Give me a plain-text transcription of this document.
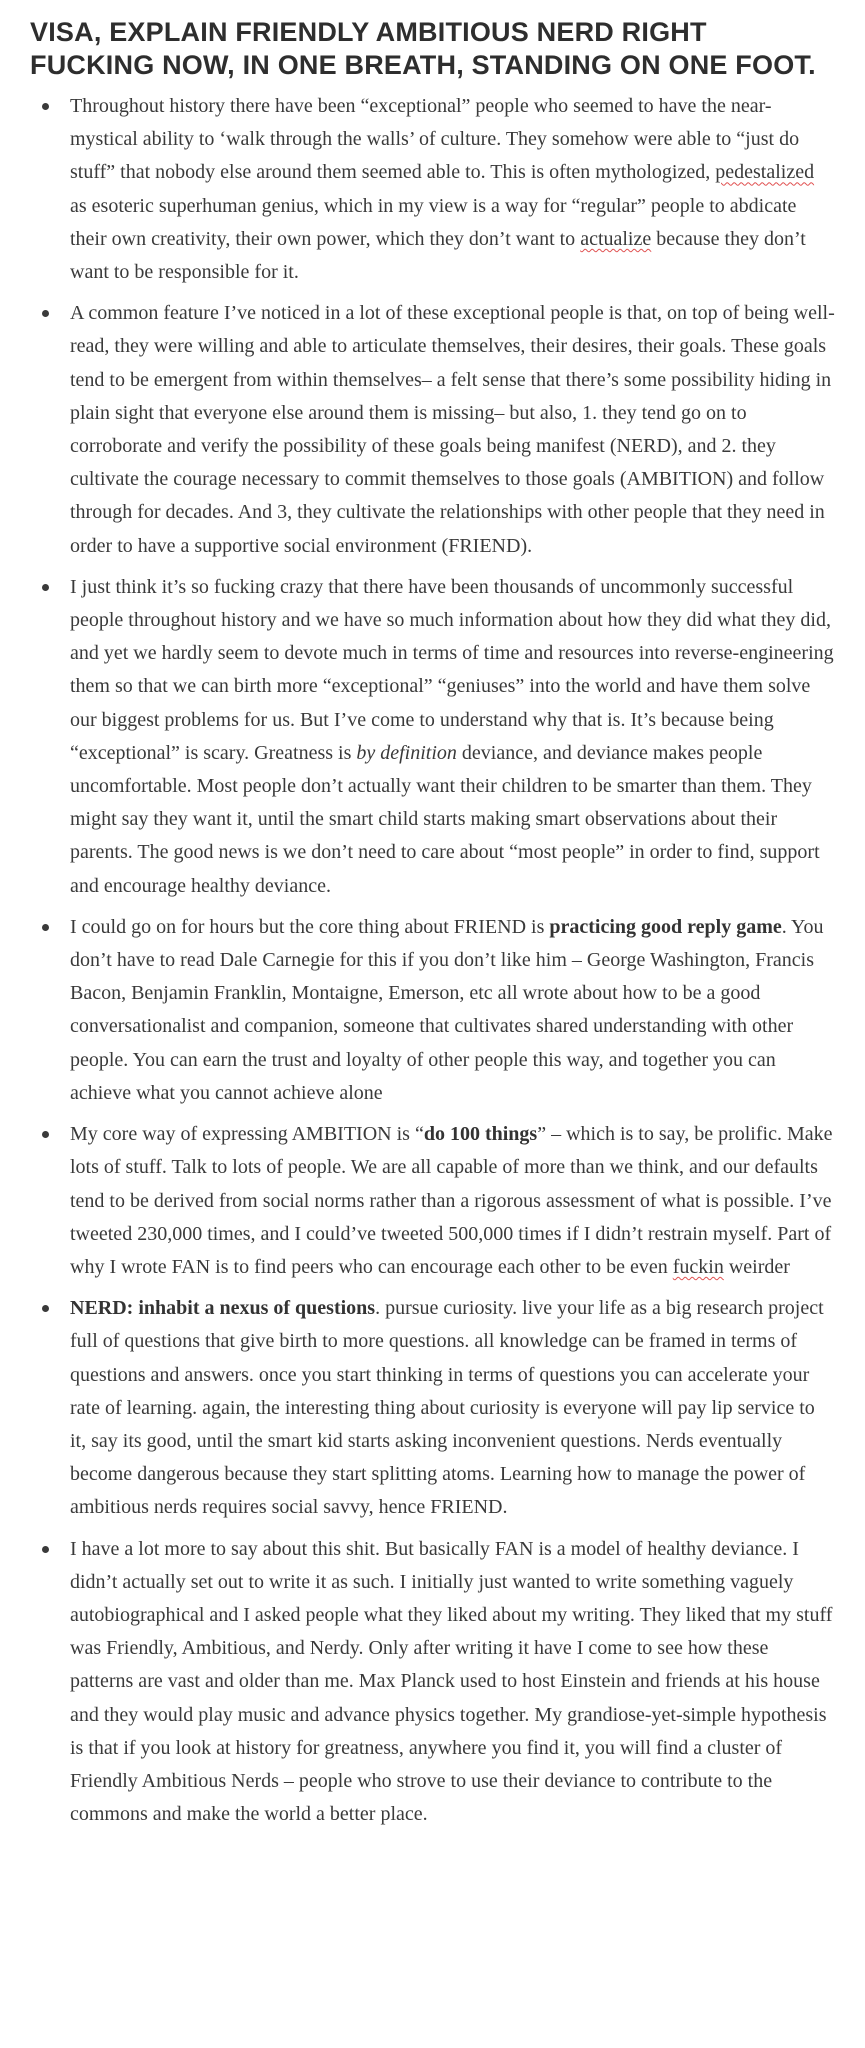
VISA, EXPLAIN FRIENDLY AMBITIOUS NERD RIGHT
FUCKING NOW, IN ONE BREATH, STANDING ON ONE FOOT.
Throughout history there have been “exceptional” people who seemed to have the near-mystical ability to ‘walk through the walls’ of culture. They somehow were able to “just do stuff” that nobody else around them seemed able to. This is often mythologized, pedestalized as esoteric superhuman genius, which in my view is a way for “regular” people to abdicate their own creativity, their own power, which they don’t want to actualize because they don’t want to be responsible for it.
A common feature I’ve noticed in a lot of these exceptional people is that, on top of being well-read, they were willing and able to articulate themselves, their desires, their goals. These goals tend to be emergent from within themselves– a felt sense that there’s some possibility hiding in plain sight that everyone else around them is missing– but also, 1. they tend go on to corroborate and verify the possibility of these goals being manifest (NERD), and 2. they cultivate the courage necessary to commit themselves to those goals (AMBITION) and follow through for decades. And 3, they cultivate the relationships with other people that they need in order to have a supportive social environment (FRIEND).
I just think it’s so fucking crazy that there have been thousands of uncommonly successful people throughout history and we have so much information about how they did what they did, and yet we hardly seem to devote much in terms of time and resources into reverse-engineering them so that we can birth more “exceptional” “geniuses” into the world and have them solve our biggest problems for us. But I’ve come to understand why that is. It’s because being “exceptional” is scary. Greatness is by definition deviance, and deviance makes people uncomfortable. Most people don’t actually want their children to be smarter than them. They might say they want it, until the smart child starts making smart observations about their parents. The good news is we don’t need to care about “most people” in order to find, support and encourage healthy deviance.
I could go on for hours but the core thing about FRIEND is practicing good reply game. You don’t have to read Dale Carnegie for this if you don’t like him – George Washington, Francis Bacon, Benjamin Franklin, Montaigne, Emerson, etc all wrote about how to be a good conversationalist and companion, someone that cultivates shared understanding with other people. You can earn the trust and loyalty of other people this way, and together you can achieve what you cannot achieve alone
My core way of expressing AMBITION is “do 100 things” – which is to say, be prolific. Make lots of stuff. Talk to lots of people. We are all capable of more than we think, and our defaults tend to be derived from social norms rather than a rigorous assessment of what is possible. I’ve tweeted 230,000 times, and I could’ve tweeted 500,000 times if I didn’t restrain myself. Part of why I wrote FAN is to find peers who can encourage each other to be even fuckin weirder
NERD: inhabit a nexus of questions. pursue curiosity. live your life as a big research project full of questions that give birth to more questions. all knowledge can be framed in terms of questions and answers. once you start thinking in terms of questions you can accelerate your rate of learning. again, the interesting thing about curiosity is everyone will pay lip service to it, say its good, until the smart kid starts asking inconvenient questions. Nerds eventually become dangerous because they start splitting atoms. Learning how to manage the power of ambitious nerds requires social savvy, hence FRIEND.
I have a lot more to say about this shit. But basically FAN is a model of healthy deviance. I didn’t actually set out to write it as such. I initially just wanted to write something vaguely autobiographical and I asked people what they liked about my writing. They liked that my stuff was Friendly, Ambitious, and Nerdy. Only after writing it have I come to see how these patterns are vast and older than me. Max Planck used to host Einstein and friends at his house and they would play music and advance physics together. My grandiose-yet-simple hypothesis is that if you look at history for greatness, anywhere you find it, you will find a cluster of Friendly Ambitious Nerds – people who strove to use their deviance to contribute to the commons and make the world a better place.
